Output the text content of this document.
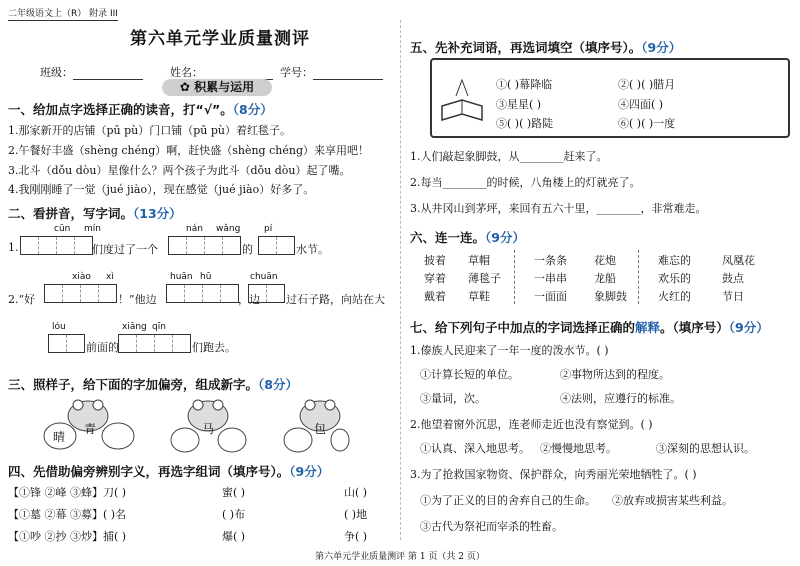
二年级语文上（R） 附录 III
第六单元学业质量测评
班级：	姓名：	学号：
✿ 积累与运用
一、给加点字选择正确的读音，打“√”。（8分）
1.那家新开的店铺（pū pù）门口铺（pū pù）着红毯子。
2.午餐好丰盛（shèng chéng）啊，赶快盛（shèng chéng）来享用吧！
3.北斗（dǒu dòu）星像什么？两个孩子为此斗（dǒu dòu）起了嘴。
4.我刚刚睡了一觉（jué jiào），现在感觉（jué jiào）好多了。
二、看拼音，写字词。（13分）
cūn mín	nán wǎng	pí
1.	们度过了一个	的	水节。
xiào xì	huān hū	chuān
2.“好	！”他边	，边 过石子路，向站在大
lóu	xiāng qīn
前面的	们跑去。
三、照样子，给下面的字加偏旁，组成新字。（8分）
晴
青	马	包
四、先借助偏旁辨别字义，再选字组词（填序号）。（9分）
【①锋 ②峰 ③蜂】刀( )	蜜( )	山( )
【①墓 ②幕 ③募】( )名	( )布	( )地
【①吵 ②抄 ③炒】捕( )	爆( )	争( )
五、先补充词语，再选词填空（填序号）。（9分）
①( )幕降临	②( )( )腊月
③星星( )	④四面( )
⑤( )( )路陡	⑥( )( )一度
1.人们敲起象脚鼓，从________赶来了。
2.每当________的时候，八角楼上的灯就亮了。
3.从井冈山到茅坪，来回有五六十里，________，非常难走。
六、连一连。（9分）
披着 草帽	一条条 花炮	难忘的	凤凰花
穿着 薄毯子	一串串 龙船	欢乐的	鼓点
戴着 草鞋	一面面 象脚鼓	火红的	节日
七、给下列句子中加点的字词选择正确的解释。（填序号）（9分）
1.傣族人民迎来了一年一度的泼水节。( )
①计算长短的单位。	②事物所达到的程度。
③量词，次。	④法则，应遵行的标准。
2.他望着窗外沉思，连老师走近也没有察觉到。( )
①认真、深入地思考。 ②慢慢地思考。	③深刻的思想认识。
3.为了抢救国家物资、保护群众，向秀丽光荣地牺牲了。( )
①为了正义的目的舍弃自己的生命。 ②放弃或损害某些利益。
③古代为祭祀而宰杀的牲畜。
第六单元学业质量测评 第 1 页（共 2 页）
